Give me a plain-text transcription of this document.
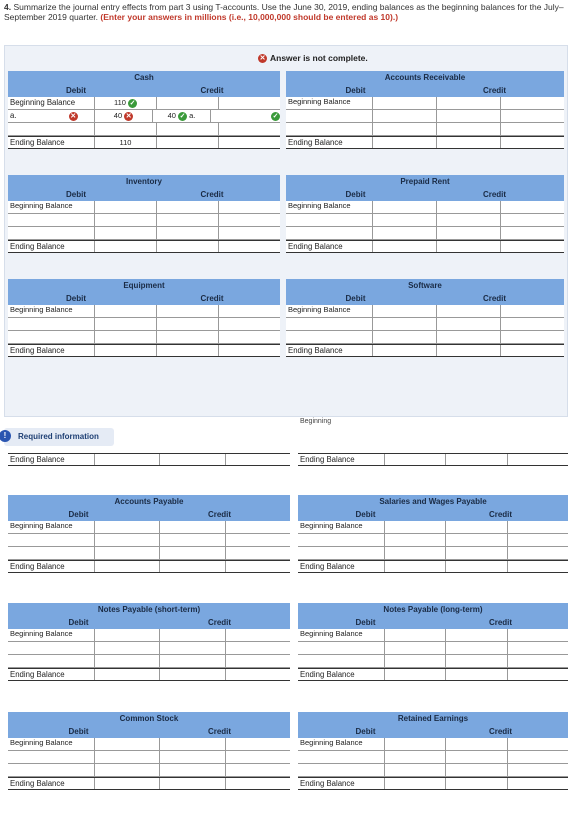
4. Summarize the journal entry effects from part 3 using T-accounts. Use the June 30, 2019, ending balances as the beginning balances for the July–September 2019 quarter. (Enter your answers in millions (i.e., 10,000,000 should be entered as 10).)
✕ Answer is not complete.
Cash
Debit	Credit
Beginning Balance	110 ✓
a.	✕	40 ✕	40 ✓ a.	✓
Ending Balance	110
Accounts Receivable
Debit	Credit
Beginning Balance
Ending Balance
Inventory
Debit	Credit
Beginning Balance
Ending Balance
Prepaid Rent
Debit	Credit
Beginning Balance
Ending Balance
Equipment
Debit	Credit
Beginning Balance
Ending Balance
Software
Debit	Credit
Beginning Balance
Ending Balance
Accounts Payable
Debit	Credit
Beginning Balance
Ending Balance
Salaries and Wages Payable
Debit	Credit
Beginning Balance
Ending Balance
Notes Payable (short-term)
Debit	Credit
Beginning Balance
Ending Balance
Notes Payable (long-term)
Debit	Credit
Beginning Balance
Ending Balance
Common Stock
Debit	Credit
Beginning Balance
Ending Balance
Retained Earnings
Debit	Credit
Beginning Balance
Ending Balance
Ending Balance	Ending Balance
Beginning
!	Required information
